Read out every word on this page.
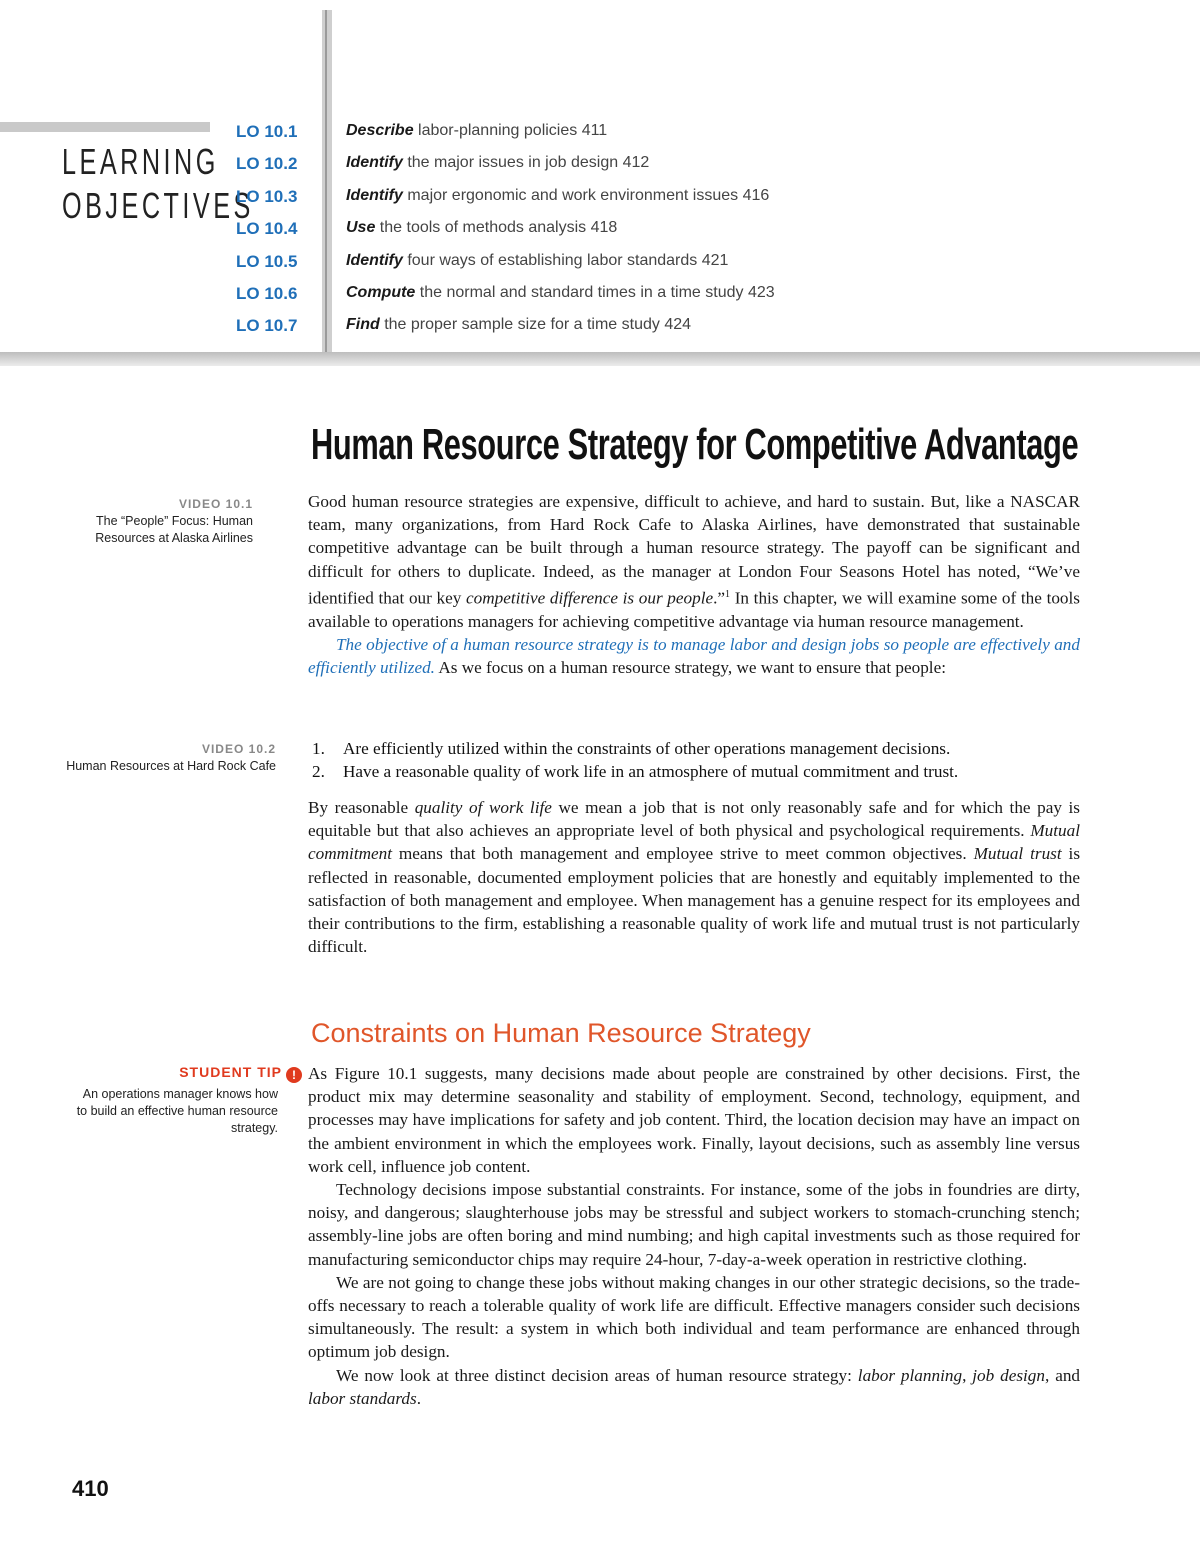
LEARNING
OBJECTIVES
LO 10.1	Describe labor-planning policies 411
LO 10.2	Identify the major issues in job design 412
LO 10.3	Identify major ergonomic and work environment issues 416
LO 10.4	Use the tools of methods analysis 418
LO 10.5	Identify four ways of establishing labor standards 421
LO 10.6	Compute the normal and standard times in a time study 423
LO 10.7	Find the proper sample size for a time study 424
Human Resource Strategy for Competitive Advantage
VIDEO 10.1
The “People” Focus: Human
Resources at Alaska Airlines
VIDEO 10.2
Human Resources at Hard Rock Cafe
STUDENT TIP !
An operations manager knows how
to build an effective human resource
strategy.

Good human resource strategies are expensive, difficult to achieve, and hard to sustain. But, like a NASCAR team, many organizations, from Hard Rock Cafe to Alaska Airlines, have demonstrated that sustainable competitive advantage can be built through a human resource strategy. The payoff can be significant and difficult for others to duplicate. Indeed, as the manager at London Four Seasons Hotel has noted, “We’ve identified that our key competitive difference is our people.”$^1$ In this chapter, we will examine some of the tools available to operations managers for achieving competitive advantage via human resource management.

The objective of a human resource strategy is to manage labor and design jobs so people are effectively and efficiently utilized. As we focus on a human resource strategy, we want to ensure that people:

1. Are efficiently utilized within the constraints of other operations management decisions.
2. Have a reasonable quality of work life in an atmosphere of mutual commitment and trust.

By reasonable quality of work life we mean a job that is not only reasonably safe and for which the pay is equitable but that also achieves an appropriate level of both physical and psychological requirements. Mutual commitment means that both management and employee strive to meet common objectives. Mutual trust is reflected in reasonable, documented employment policies that are honestly and equitably implemented to the satisfaction of both management and employee. When management has a genuine respect for its employees and their contributions to the firm, establishing a reasonable quality of work life and mutual trust is not particularly difficult.

Constraints on Human Resource Strategy

As Figure 10.1 suggests, many decisions made about people are constrained by other decisions. First, the product mix may determine seasonality and stability of employment. Second, technology, equipment, and processes may have implications for safety and job content. Third, the location decision may have an impact on the ambient environment in which the employees work. Finally, layout decisions, such as assembly line versus work cell, influence job content.

Technology decisions impose substantial constraints. For instance, some of the jobs in foundries are dirty, noisy, and dangerous; slaughterhouse jobs may be stressful and subject workers to stomach-crunching stench; assembly-line jobs are often boring and mind numbing; and high capital investments such as those required for manufacturing semiconductor chips may require 24-hour, 7-day-a-week operation in restrictive clothing.

We are not going to change these jobs without making changes in our other strategic decisions, so the trade-offs necessary to reach a tolerable quality of work life are difficult. Effective managers consider such decisions simultaneously. The result: a system in which both individual and team performance are enhanced through optimum job design.

We now look at three distinct decision areas of human resource strategy: labor planning, job design, and labor standards.

410
